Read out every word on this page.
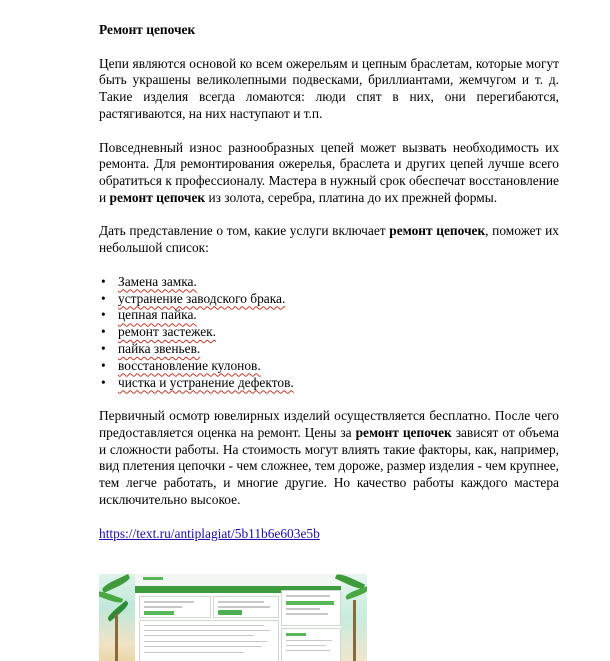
Ремонт цепочек

Цепи являются основой ко всем ожерельям и цепным браслетам, которые могут быть украшены великолепными подвесками, бриллиантами, жемчугом и т. д. Такие изделия всегда ломаются: люди спят в них, они перегибаются, растягиваются, на них наступают и т.п.

Повседневный износ разнообразных цепей может вызвать необходимость их ремонта. Для ремонтирования ожерелья, браслета и других цепей лучше всего обратиться к профессионалу. Мастера в нужный срок обеспечат восстановление и ремонт цепочек из золота, серебра, платина до их прежней формы.

Дать представление о том, какие услуги включает ремонт цепочек, поможет их небольшой список:

• Замена замка.
• устранение заводского брака.
• цепная пайка.
• ремонт застежек.
• пайка звеньев.
• восстановление кулонов.
• чистка и устранение дефектов.

Первичный осмотр ювелирных изделий осуществляется бесплатно. После чего предоставляется оценка на ремонт. Цены за ремонт цепочек зависят от объема и сложности работы. На стоимость могут влиять такие факторы, как, например, вид плетения цепочки - чем сложнее, тем дороже, размер изделия - чем крупнее, тем легче работать, и многие другие. Но качество работы каждого мастера исключительно высокое.

https://text.ru/antiplagiat/5b11b6e603e5b
